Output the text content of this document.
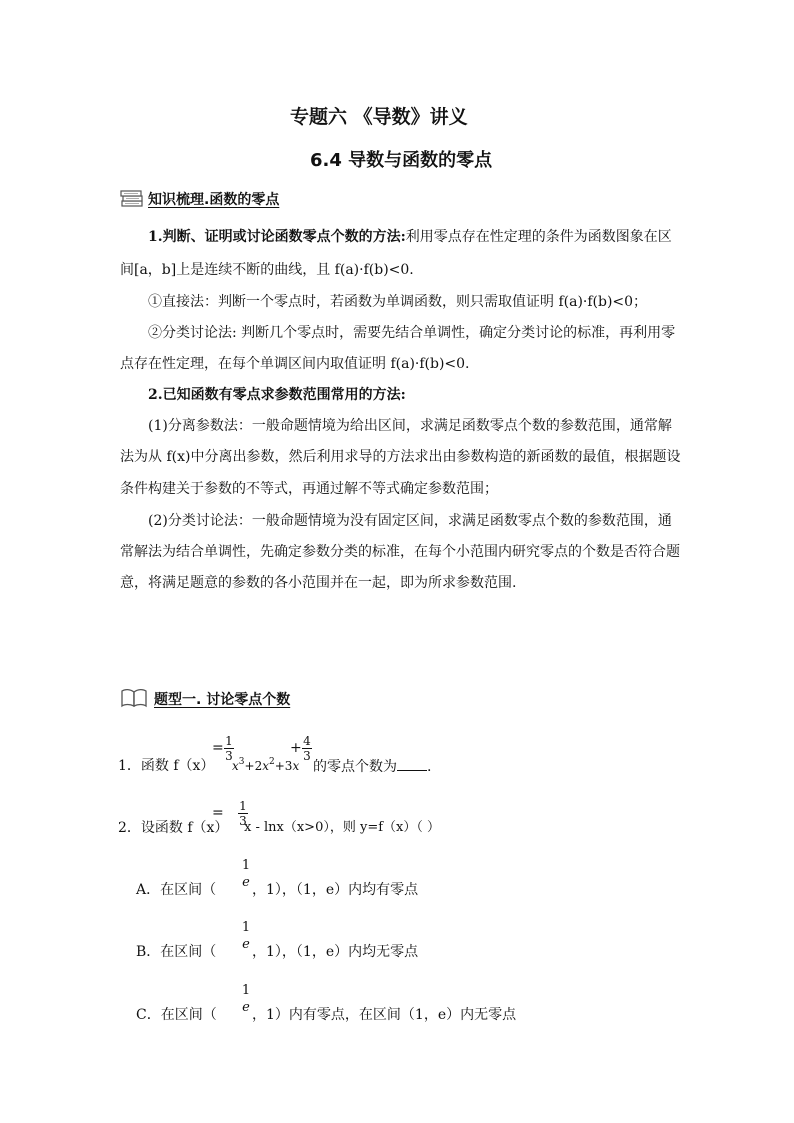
专题六 《导数》讲义
6.4 导数与函数的零点
知识梳理.函数的零点
1.判断、证明或讨论函数零点个数的方法:利用零点存在性定理的条件为函数图象在区
间[a，b]上是连续不断的曲线，且 f(a)·f(b)<0.
①直接法：判断一个零点时，若函数为单调函数，则只需取值证明 f(a)·f(b)<0；
②分类讨论法: 判断几个零点时，需要先结合单调性，确定分类讨论的标准，再利用零
点存在性定理，在每个单调区间内取值证明 f(a)·f(b)<0.
2.已知函数有零点求参数范围常用的方法:
(1)分离参数法：一般命题情境为给出区间，求满足函数零点个数的参数范围，通常解
法为从 f(x)中分离出参数，然后利用求导的方法求出由参数构造的新函数的最值，根据题设
条件构建关于参数的不等式，再通过解不等式确定参数范围；
(2)分类讨论法：一般命题情境为没有固定区间，求满足函数零点个数的参数范围，通
常解法为结合单调性，先确定参数分类的标准，在每个小范围内研究零点的个数是否符合题
意，将满足题意的参数的各小范围并在一起，即为所求参数范围.
题型一. 讨论零点个数
1．函数 f（x）
= 1
3
$x^3+2x^2+3x$
+ 4
3
的零点个数为 .
2．设函数 f（x）
= 1
3
x - lnx（x>0），则 y=f（x）（ ）
A．在区间（
1
e ，1），（1，e）内均有零点
B．在区间（
1
e ，1），（1，e）内均无零点
C．在区间（
1
e ，1）内有零点，在区间（1，e）内无零点
